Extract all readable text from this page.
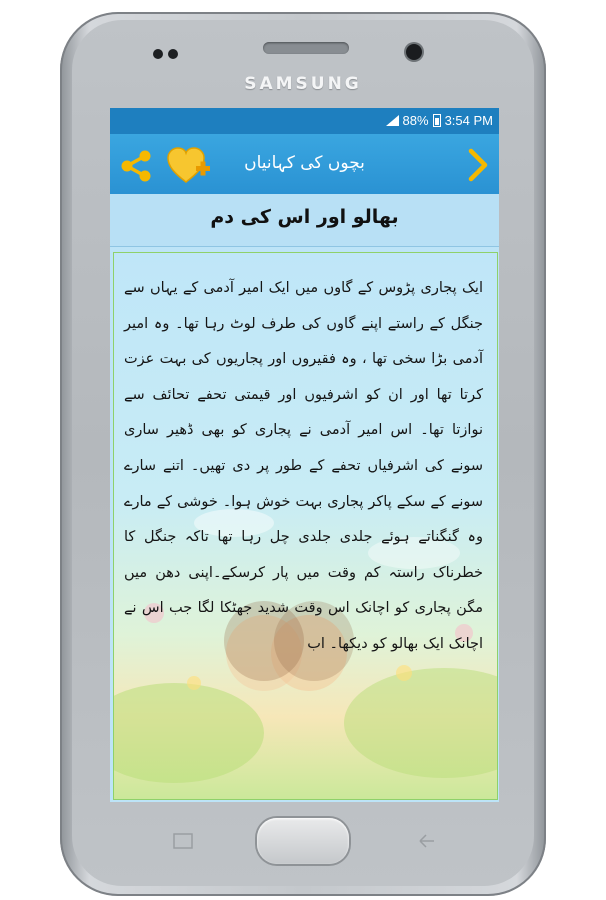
SAMSUNG
88% 3:54 PM
بچوں کی کہانیاں
بھالو اور اس کی دم

ایک پجاری پڑوس کے گاوں میں ایک امیر آدمی کے یہاں سے جنگل کے راستے اپنے گاوں کی طرف لوٹ رہا تھا۔ وہ امیر آدمی بڑا سخی تھا ، وہ فقیروں اور پجاریوں کی بہت عزت کرتا تھا اور ان کو اشرفیوں اور قیمتی تحفے تحائف سے نوازتا تھا۔ اس امیر آدمی نے پجاری کو بھی ڈھیر ساری سونے کی اشرفیاں تحفے کے طور پر دی تھیں۔ اتنے سارے سونے کے سکے پاکر پجاری بہت خوش ہوا۔ خوشی کے مارے وہ گنگناتے ہوئے جلدی جلدی چل رہا تھا تاکہ جنگل کا خطرناک راستہ کم وقت میں پار کرسکے۔اپنی دھن میں مگن پجاری کو اچانک اس وقت شدید جھٹکا لگا جب اس نے اچانک ایک بھالو کو دیکھا۔ اب
